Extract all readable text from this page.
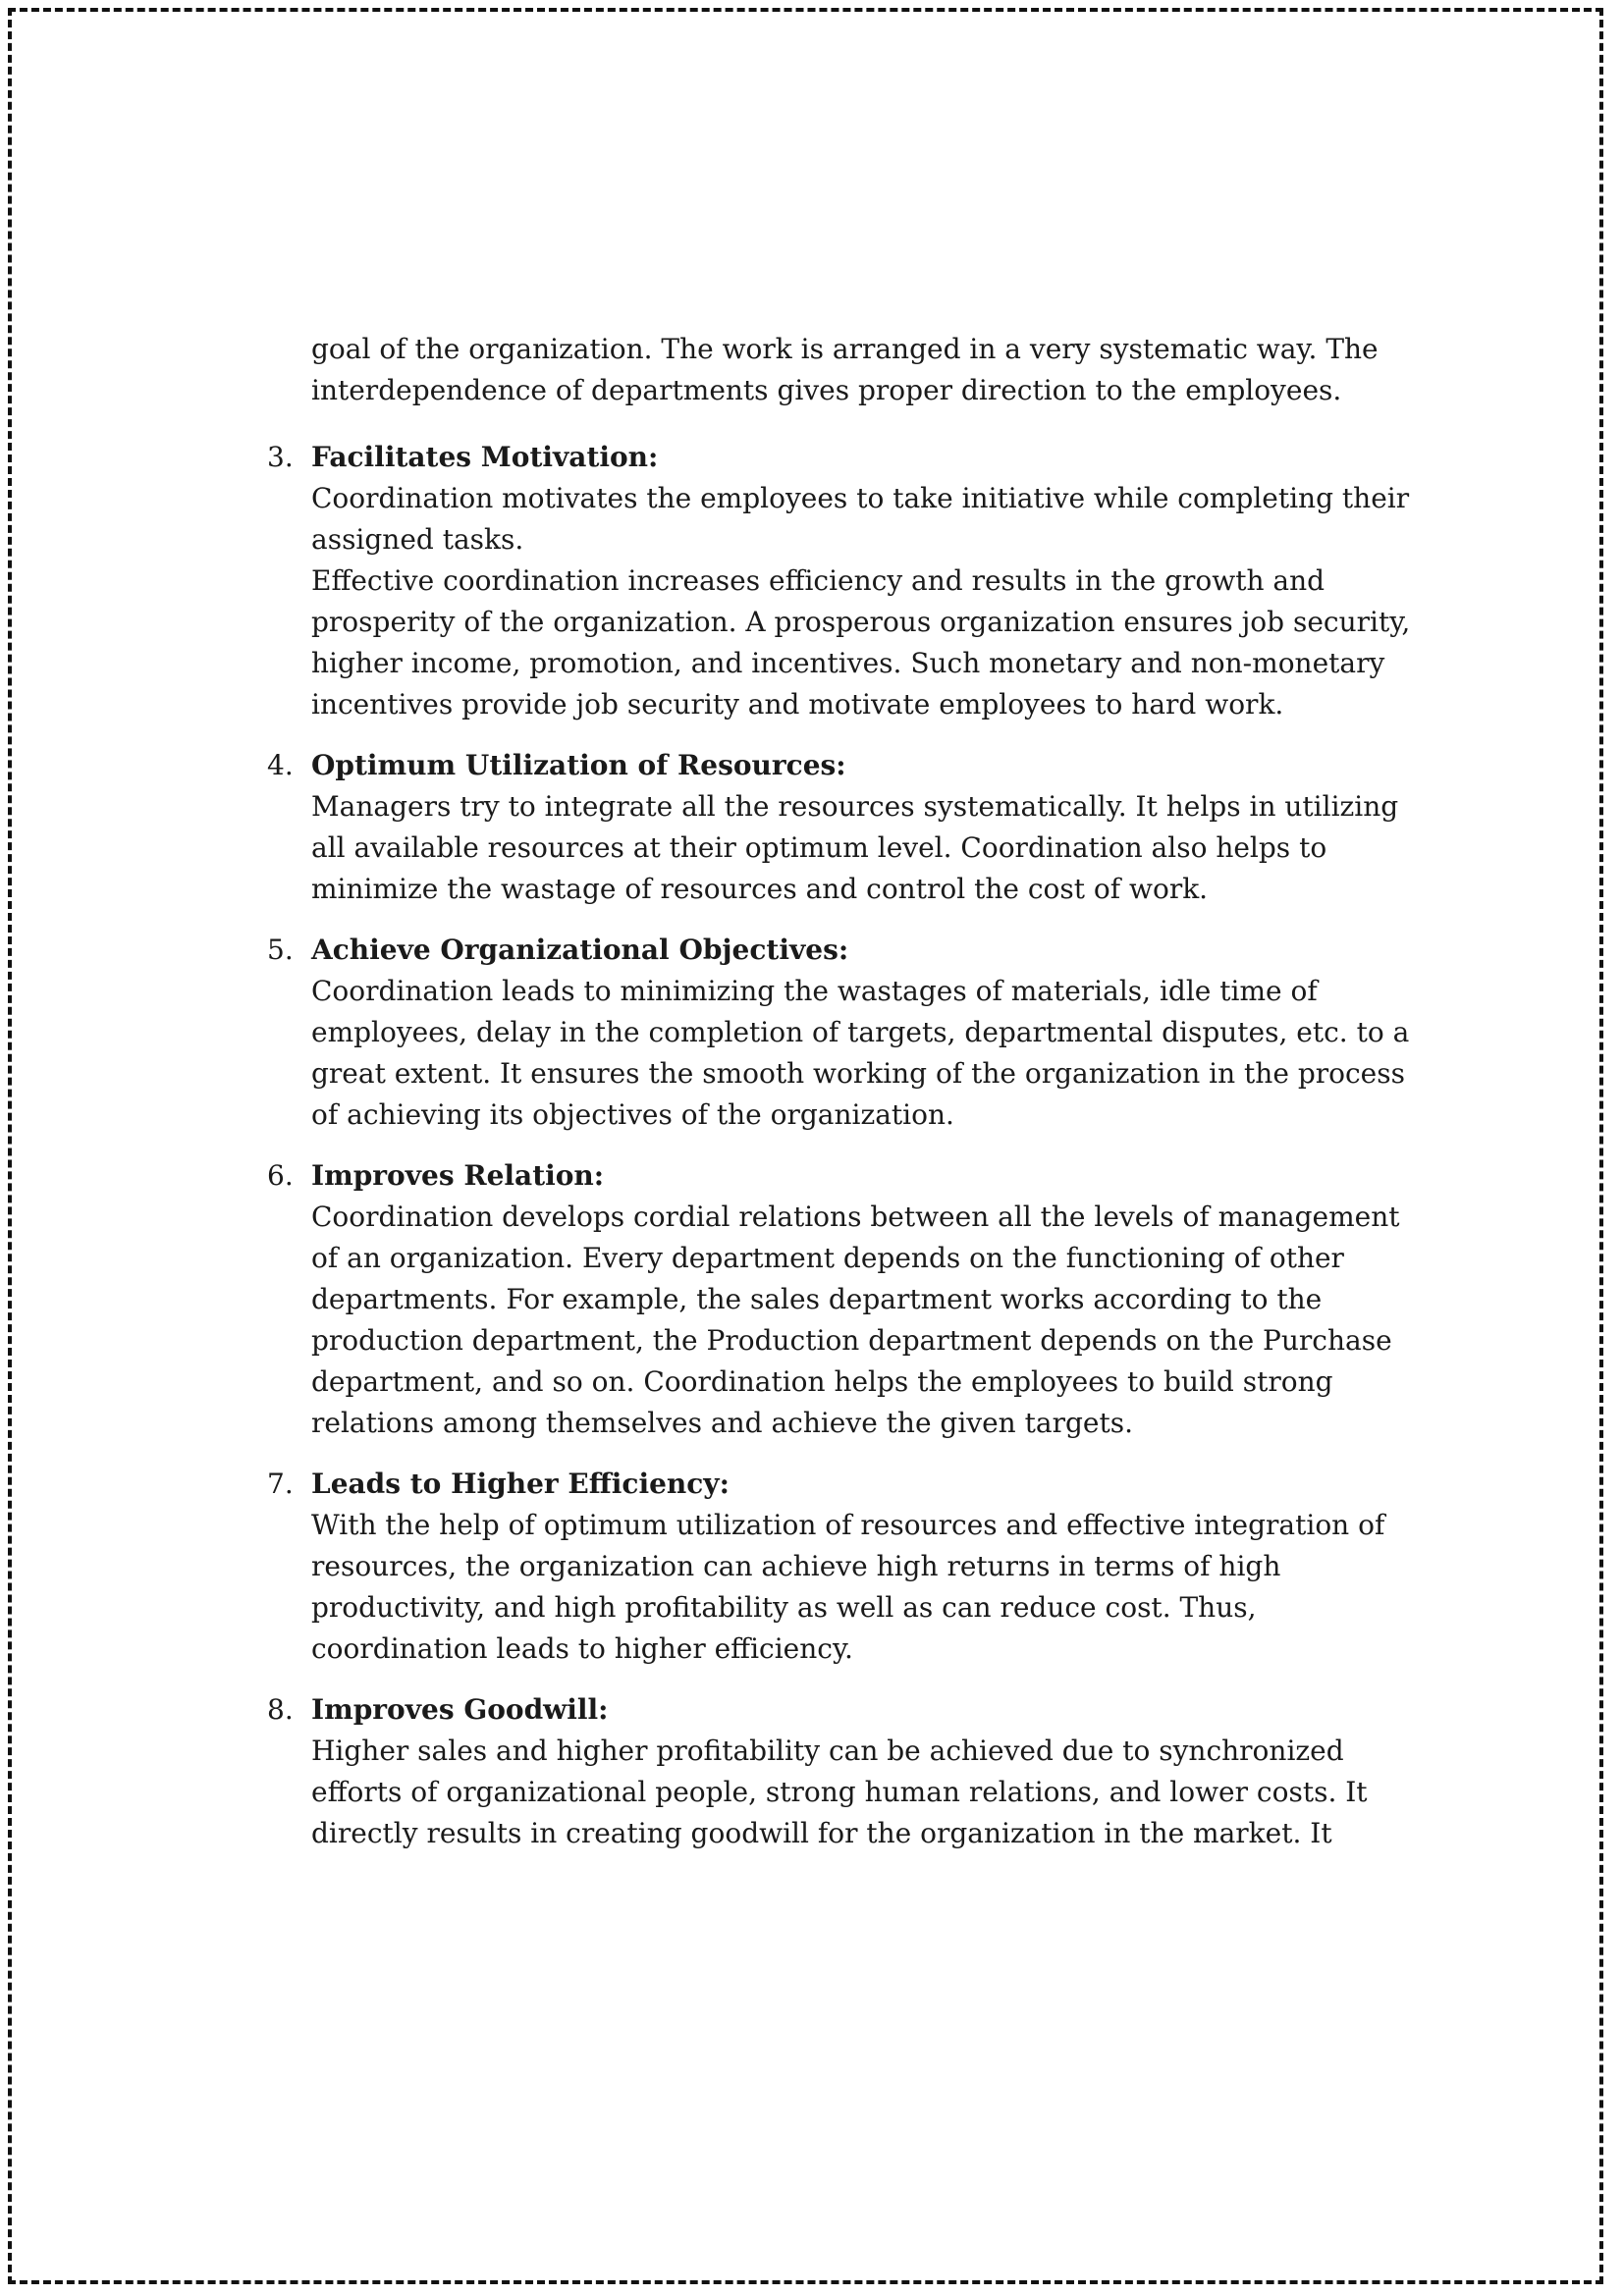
goal of the organization. The work is arranged in a very systematic way. The interdependence of departments gives proper direction to the employees.

3. Facilitates Motivation:

Coordination motivates the employees to take initiative while completing their assigned tasks.

Effective coordination increases efficiency and results in the growth and prosperity of the organization. A prosperous organization ensures job security, higher income, promotion, and incentives. Such monetary and non-monetary incentives provide job security and motivate employees to hard work.

4. Optimum Utilization of Resources:

Managers try to integrate all the resources systematically. It helps in utilizing all available resources at their optimum level. Coordination also helps to minimize the wastage of resources and control the cost of work.

5. Achieve Organizational Objectives:

Coordination leads to minimizing the wastages of materials, idle time of employees, delay in the completion of targets, departmental disputes, etc. to a great extent. It ensures the smooth working of the organization in the process of achieving its objectives of the organization.

6. Improves Relation:

Coordination develops cordial relations between all the levels of management of an organization. Every department depends on the functioning of other departments. For example, the sales department works according to the production department, the Production department depends on the Purchase department, and so on. Coordination helps the employees to build strong relations among themselves and achieve the given targets.

7. Leads to Higher Efficiency:

With the help of optimum utilization of resources and effective integration of resources, the organization can achieve high returns in terms of high productivity, and high profitability as well as can reduce cost. Thus, coordination leads to higher efficiency.

8. Improves Goodwill:

Higher sales and higher profitability can be achieved due to synchronized efforts of organizational people, strong human relations, and lower costs. It directly results in creating goodwill for the organization in the market. It
